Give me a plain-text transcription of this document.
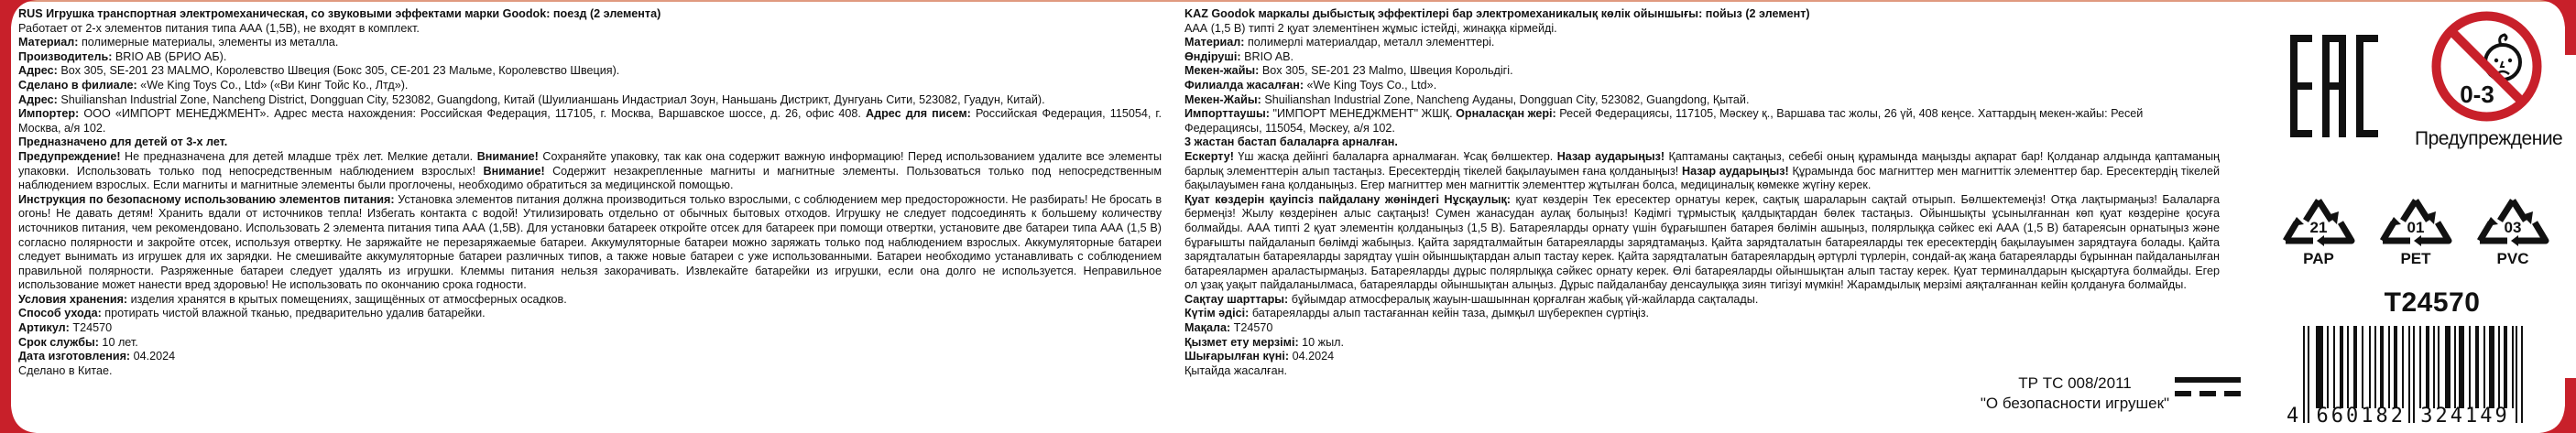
RUS Игрушка транспортная электромеханическая, со звуковыми эффектами марки Goodok: поезд (2 элемента)

Работает от 2-х элементов питания типа ААА (1,5В), не входят в комплект.

Материал: полимерные материалы, элементы из металла.

Производитель: BRIO AB (БРИО АБ).

Адрес: Box 305, SE-201 23 MALMO, Королевство Швеция (Бокс 305, СЕ-201 23 Мальме, Королевство Швеция).

Сделано в филиале: «We King Toys Co., Ltd» («Ви Кинг Тойс Ко., Лтд»).

Адрес: Shuilianshan Industrial Zone, Nancheng District, Dongguan City, 523082, Guangdong, Китай (Шуилианшань Индастриал Зоун, Наньшань Дистрикт, Дунгуань Сити, 523082, Гуадун, Китай).

Импортер: ООО «ИМПОРТ МЕНЕДЖМЕНТ». Адрес места нахождения: Российская Федерация, 117105, г. Москва, Варшавское шоссе, д. 26, офис 408. Адрес для писем: Российская Федерация, 115054, г. Москва, а/я 102.

Предназначено для детей от 3-х лет.

Предупреждение! Не предназначена для детей младше трёх лет. Мелкие детали. Внимание! Сохраняйте упаковку, так как она содержит важную информацию! Перед использованием удалите все элементы упаковки. Использовать только под непосредственным наблюдением взрослых! Внимание! Содержит незакрепленные магниты и магнитные элементы. Пользоваться только под непосредственным наблюдением взрослых. Если магниты и магнитные элементы были проглочены, необходимо обратиться за медицинской помощью.

Инструкция по безопасному использованию элементов питания: Установка элементов питания должна производиться только взрослыми, с соблюдением мер предосторожности. Не разбирать! Не бросать в огонь! Не давать детям! Хранить вдали от источников тепла! Избегать контакта с водой! Утилизировать отдельно от обычных бытовых отходов. Игрушку не следует подсоединять к большему количеству источников питания, чем рекомендовано. Использовать 2 элемента питания типа ААА (1,5В). Для установки батареек откройте отсек для батареек при помощи отвертки, установите две батареи типа ААА (1,5 В) согласно полярности и закройте отсек, используя отвертку. Не заряжайте не перезаряжаемые батареи. Аккумуляторные батареи можно заряжать только под наблюдением взрослых. Аккумуляторные батареи следует вынимать из игрушек для их зарядки. Не смешивайте аккумуляторные батареи различных типов, а также новые батареи с уже использованными. Батареи необходимо устанавливать с соблюдением правильной полярности. Разряженные батареи следует удалять из игрушки. Клеммы питания нельзя закорачивать. Извлекайте батарейки из игрушки, если она долго не используется. Неправильное использование может нанести вред здоровью! Не использовать по окончанию срока годности.

Условия хранения: изделия хранятся в крытых помещениях, защищённых от атмосферных осадков.

Способ ухода: протирать чистой влажной тканью, предварительно удалив батарейки.

Артикул: T24570

Срок службы: 10 лет.

Дата изготовления: 04.2024

Сделано в Китае.

KAZ Goodok маркалы дыбыстық эффектілері бар электромеханикалық көлік ойыншығы: пойыз (2 элемент)

ААА (1,5 В) типті 2 қуат элементінен жұмыс істейді, жинаққа кірмейді.

Материал: полимерлі материалдар, металл элементтері.

Өндіруші: BRIO AB.

Мекен-жайы: Box 305, SE-201 23 Malmo, Швеция Корольдігі.

Филиалда жасалған: «We King Toys Co., Ltd».

Мекен-Жайы: Shuilianshan Industrial Zone, Nancheng Ауданы, Dongguan City, 523082, Guangdong, Қытай.

Импорттаушы: "ИМПОРТ МЕНЕДЖМЕНТ" ЖШҚ. Орналасқан жері: Ресей Федерациясы, 117105, Мәскеу қ., Варшава тас жолы, 26 үй, 408 кеңсе. Хаттардың мекен-жайы: Ресей Федерациясы, 115054, Мәскеу, а/я 102.

3 жастан бастап балаларға арналған.

Ескерту! Үш жасқа дейінгі балаларға арналмаған. Ұсақ бөлшектер. Назар аударыңыз! Қаптаманы сақтаңыз, себебі оның құрамында маңызды ақпарат бар! Қолданар алдында қаптаманың барлық элементтерін алып тастаңыз. Ересектердің тікелей бақылауымен ғана қолданыңыз! Назар аударыңыз! Құрамында бос магниттер мен магниттік элементтер бар. Ересектердің тікелей бақылауымен ғана қолданыңыз. Егер магниттер мен магниттік элементтер жұтылған болса, медициналық көмекке жүгіну керек.

Қуат көздерін қауіпсіз пайдалану жөніндегі Нұсқаулық: қуат көздерін Тек ересектер орнатуы керек, сақтық шараларын сақтай отырып. Бөлшектемеңіз! Отқа лақтырмаңыз! Балаларға бермеңіз! Жылу көздерінен алыс сақтаңыз! Сумен жанасудан аулақ болыңыз! Кәдімгі тұрмыстық қалдықтардан бөлек тастаңыз. Ойыншықты ұсынылғаннан көп қуат көздеріне қосуға болмайды. ААА типті 2 қуат элементін қолданыңыз (1,5 В). Батареяларды орнату үшін бұрағышпен батарея бөлімін ашыңыз, полярлыққа сәйкес екі ААА (1,5 В) батареясын орнатыңыз және бұрағышты пайдаланып бөлімді жабыңыз. Қайта зарядталмайтын батареяларды зарядтамаңыз. Қайта зарядталатын батареяларды тек ересектердің бақылауымен зарядтауға болады. Қайта зарядталатын батареяларды зарядтау үшін ойыншықтардан алып тастау керек. Қайта зарядталатын батареялардың әртүрлі түрлерін, сондай-ақ жаңа батареяларды бұрыннан пайдаланылған батареялармен араластырмаңыз. Батареяларды дұрыс полярлыққа сәйкес орнату керек. Өлі батареяларды ойыншықтан алып тастау керек. Қуат терминалдарын қысқартуға болмайды. Егер ол ұзақ уақыт пайдаланылмаса, батареяларды ойыншықтан алыңыз. Дұрыс пайдаланбау денсаулыққа зиян тигізуі мүмкін! Жарамдылық мерзімі аяқталғаннан кейін қолдануға болмайды.

Сақтау шарттары: бұйымдар атмосфералық жауын-шашыннан қорғалған жабық үй-жайларда сақталады.

Күтім әдісі: батареяларды алып тастағаннан кейін таза, дымқыл шүберекпен сүртіңіз.

Мақала: T24570

Қызмет ету мерзімі: 10 жыл.

Шығарылған күні: 04.2024

Қытайда жасалған.

ТР ТС 008/2011
"О безопасности игрушек"
0-3
Предупреждение
21
PAP
01
PET
03
PVC
T24570
4 660182 324149
